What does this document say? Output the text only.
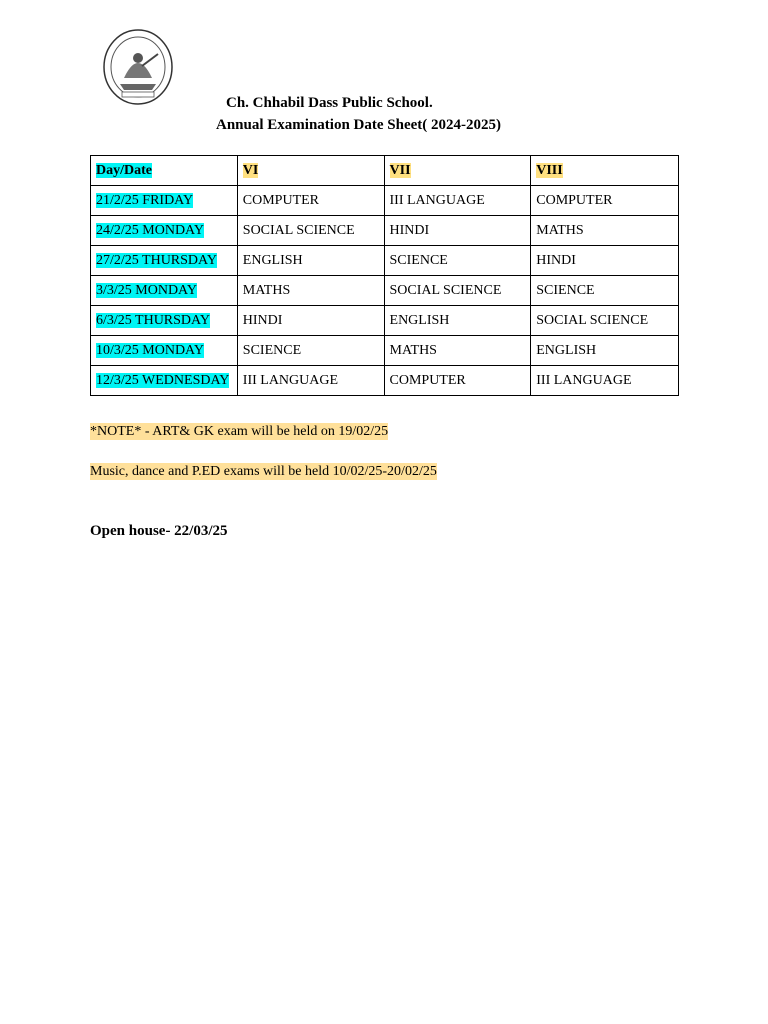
Ch. Chhabil Dass Public School.
Annual Examination Date Sheet( 2024-2025)
Day/Date	VI	VII	VIII
21/2/25 FRIDAY	COMPUTER	III LANGUAGE	COMPUTER
24/2/25 MONDAY	SOCIAL SCIENCE	HINDI	MATHS
27/2/25 THURSDAY	ENGLISH	SCIENCE	HINDI
3/3/25 MONDAY	MATHS	SOCIAL SCIENCE	SCIENCE
6/3/25 THURSDAY	HINDI	ENGLISH	SOCIAL SCIENCE
10/3/25 MONDAY	SCIENCE	MATHS	ENGLISH
12/3/25 WEDNESDAY	III LANGUAGE	COMPUTER	III LANGUAGE
*NOTE* - ART& GK exam will be held on 19/02/25
Music, dance and P.ED exams will be held 10/02/25-20/02/25
Open house- 22/03/25
